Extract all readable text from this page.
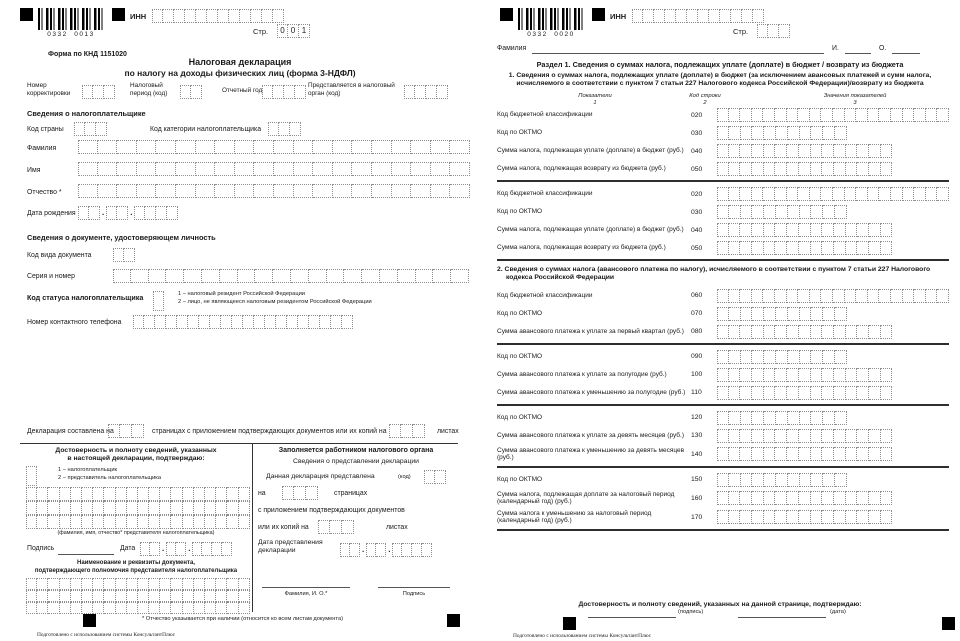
0332  0013
ИНН
Стр.	0 0 1
Форма по КНД 1151020
Налоговая декларация
по налогу на доходы физических лиц (форма 3-НДФЛ)
Номер корректировки
Налоговый период (код)	Отчетный год
Представляется в налоговый орган (код)
Сведения о налогоплательщике
Код страны	Код категории налогоплательщика
Фамилия
Имя
Отчество *
Дата рождения	.	.
Сведения о документе, удостоверяющем личность
Код вида документа
Серия и номер
Код статуса налогоплательщика	1 – налоговый резидент Российской Федерации
2 – лицо, не являющееся налоговым резидентом Российской Федерации
Номер контактного телефона
Декларация составлена на	страницах с приложением подтверждающих документов или их копий на	листах
Достоверность и полноту сведений, указанных
в настоящей декларации, подтверждаю:
1 – налогоплательщик
2 – представитель налогоплательщика
(фамилия, имя, отчество* представителя налогоплательщика)
Подпись	Дата	.	.
Наименование и реквизиты документа,
подтверждающего полномочия представителя налогоплательщика
Заполняется работником налогового органа
Сведения о представлении декларации
Данная декларация представлена	(код)
на	страницах
с приложением подтверждающих документов
или их копий на	листах
Дата представления декларации	.	.
Фамилия, И. О.*	Подпись
* Отчество указывается при наличии (относится ко всем листам документа)
Подготовлено с использованием системы КонсультантПлюс
0332  0020
ИНН
Стр.
Фамилия	И.	О.
Раздел 1. Сведения о суммах налога, подлежащих уплате (доплате) в бюджет / возврату из бюджета
1. Сведения о суммах налога, подлежащих уплате (доплате) в бюджет (за исключением авансовых платежей и сумм налога, исчисляемого в соответствии с пунктом 7 статьи 227 Налогового кодекса Российской Федерации)/возврату из бюджета
Показатели
1
Код строки
2
Значения показателей
3
Код бюджетной классификации	020
Код по ОКТМО	030
Сумма налога, подлежащая уплате (доплате) в бюджет (руб.)	040
Сумма налога, подлежащая возврату из бюджета (руб.)	050
Код бюджетной классификации	020
Код по ОКТМО	030
Сумма налога, подлежащая уплате (доплате) в бюджет (руб.)	040
Сумма налога, подлежащая возврату из бюджета (руб.)	050
2. Сведения о суммах налога (авансового платежа по налогу), исчисляемого в соответствии с пунктом 7 статьи 227 Налогового кодекса Российской Федерации
Код бюджетной классификации	060
Код по ОКТМО	070
Сумма авансового платежа к уплате за первый квартал (руб.)	080
Код по ОКТМО	090
Сумма авансового платежа к уплате за полугодие (руб.)	100
Сумма авансового платежа к уменьшению за полугодие (руб.) 110
Код по ОКТМО	120
Сумма авансового платежа к уплате за девять месяцев (руб.)	130
Сумма авансового платежа к уменьшению за девять месяцев (руб.)	140
Код по ОКТМО	150
Сумма налога, подлежащая доплате за налоговый период (календарный год) (руб.)	160
Сумма налога к уменьшению за налоговый период (календарный год) (руб.)	170
Достоверность и полноту сведений, указанных на данной странице, подтверждаю:
(подпись)	(дата)
Подготовлено с использованием системы КонсультантПлюс
